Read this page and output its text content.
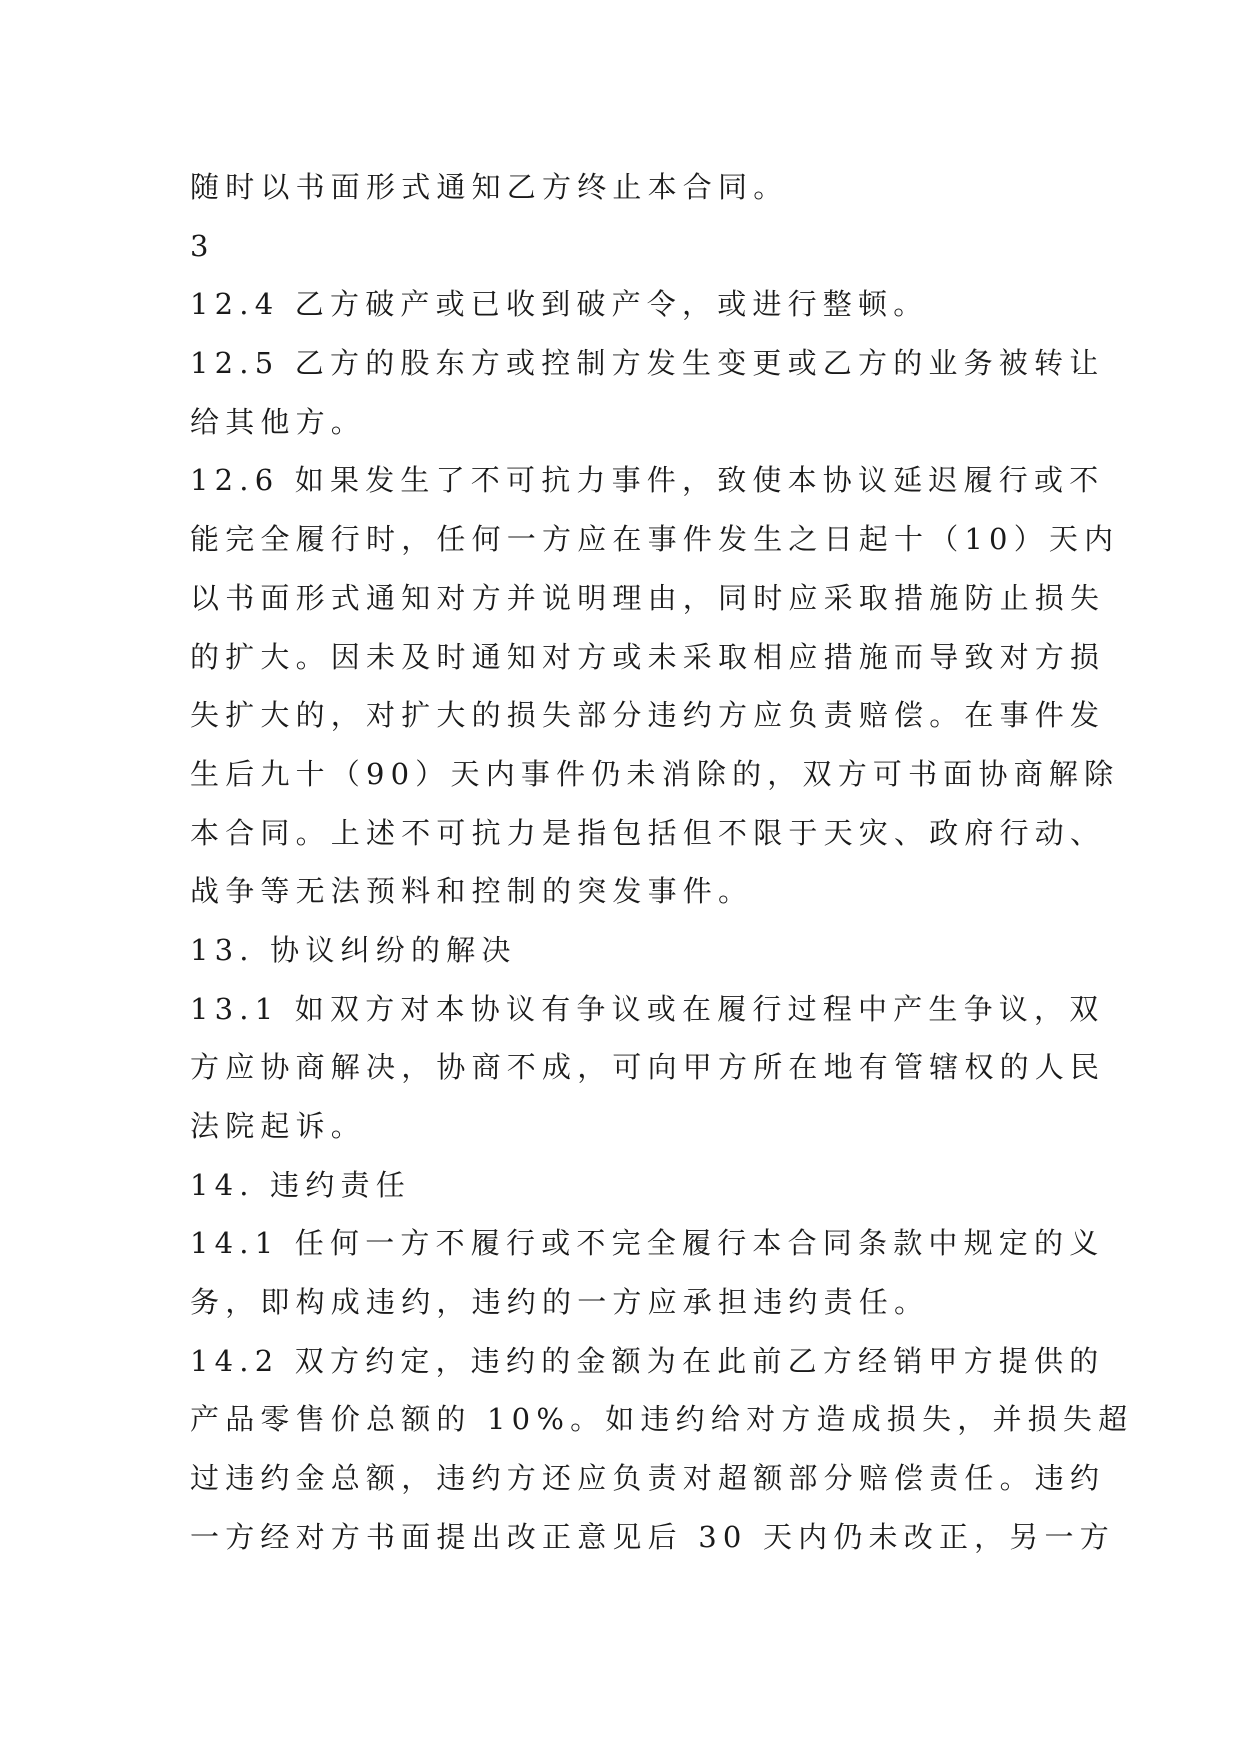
随时以书面形式通知乙方终止本合同。
3
12.4 乙方破产或已收到破产令，或进行整顿。
12.5 乙方的股东方或控制方发生变更或乙方的业务被转让
给其他方。
12.6 如果发生了不可抗力事件，致使本协议延迟履行或不
能完全履行时，任何一方应在事件发生之日起十（10）天内
以书面形式通知对方并说明理由，同时应采取措施防止损失
的扩大。因未及时通知对方或未采取相应措施而导致对方损
失扩大的，对扩大的损失部分违约方应负责赔偿。在事件发
生后九十（90）天内事件仍未消除的，双方可书面协商解除
本合同。上述不可抗力是指包括但不限于天灾、政府行动、
战争等无法预料和控制的突发事件。
13. 协议纠纷的解决
13.1 如双方对本协议有争议或在履行过程中产生争议，双
方应协商解决，协商不成，可向甲方所在地有管辖权的人民
法院起诉。
14. 违约责任
14.1 任何一方不履行或不完全履行本合同条款中规定的义
务，即构成违约，违约的一方应承担违约责任。
14.2 双方约定，违约的金额为在此前乙方经销甲方提供的
产品零售价总额的 10%。如违约给对方造成损失，并损失超
过违约金总额，违约方还应负责对超额部分赔偿责任。违约
一方经对方书面提出改正意见后 30 天内仍未改正，另一方
